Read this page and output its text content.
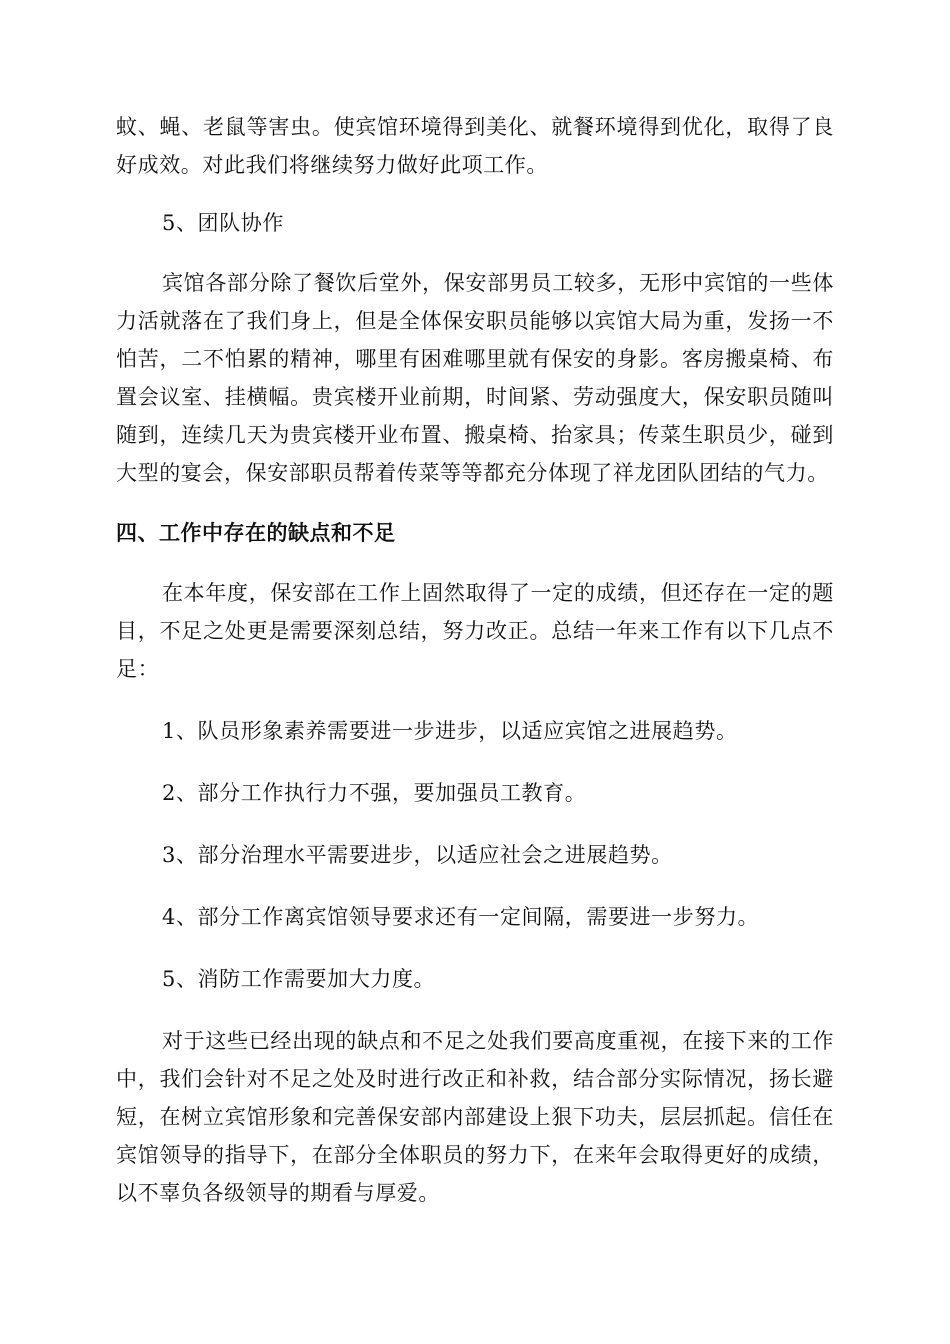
蚊、蝇、老鼠等害虫。使宾馆环境得到美化、就餐环境得到优化，取得了良好成效。对此我们将继续努力做好此项工作。

5、团队协作

宾馆各部分除了餐饮后堂外，保安部男员工较多，无形中宾馆的一些体力活就落在了我们身上，但是全体保安职员能够以宾馆大局为重，发扬一不怕苦，二不怕累的精神，哪里有困难哪里就有保安的身影。客房搬桌椅、布置会议室、挂横幅。贵宾楼开业前期，时间紧、劳动强度大，保安职员随叫随到，连续几天为贵宾楼开业布置、搬桌椅、抬家具；传菜生职员少，碰到大型的宴会，保安部职员帮着传菜等等都充分体现了祥龙团队团结的气力。

四、工作中存在的缺点和不足

在本年度，保安部在工作上固然取得了一定的成绩，但还存在一定的题目，不足之处更是需要深刻总结，努力改正。总结一年来工作有以下几点不足：

1、队员形象素养需要进一步进步，以适应宾馆之进展趋势。

2、部分工作执行力不强，要加强员工教育。

3、部分治理水平需要进步，以适应社会之进展趋势。

4、部分工作离宾馆领导要求还有一定间隔，需要进一步努力。

5、消防工作需要加大力度。

对于这些已经出现的缺点和不足之处我们要高度重视，在接下来的工作中，我们会针对不足之处及时进行改正和补救，结合部分实际情况，扬长避短，在树立宾馆形象和完善保安部内部建设上狠下功夫，层层抓起。信任在宾馆领导的指导下，在部分全体职员的努力下，在来年会取得更好的成绩，以不辜负各级领导的期看与厚爱。
